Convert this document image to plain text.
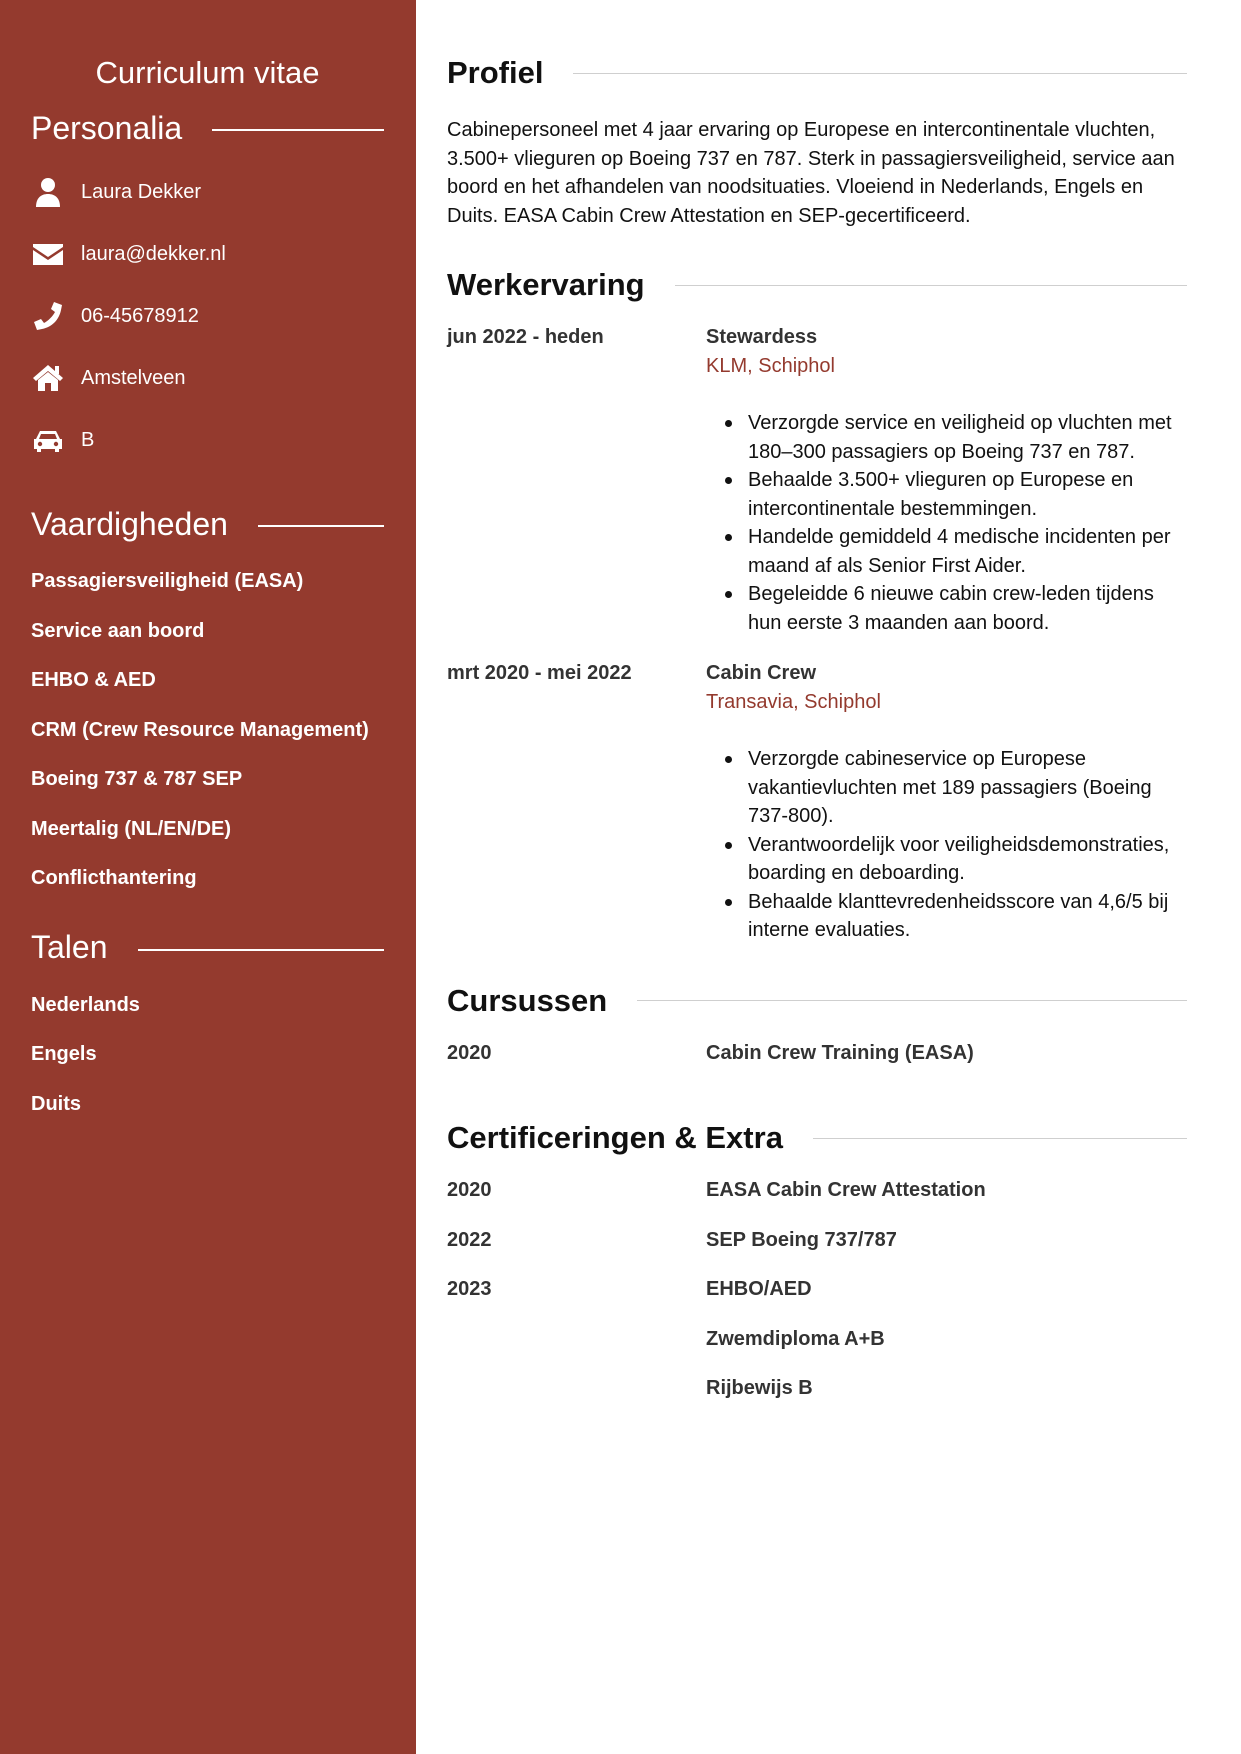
Curriculum vitae
Personalia
Laura Dekker
laura@dekker.nl
06-45678912
Amstelveen
B
Vaardigheden
Passagiersveiligheid (EASA)
Service aan boord
EHBO & AED
CRM (Crew Resource Management)
Boeing 737 & 787 SEP
Meertalig (NL/EN/DE)
Conflicthantering
Talen
Nederlands
Engels
Duits
Profiel

Cabinepersoneel met 4 jaar ervaring op Europese en intercontinentale vluchten, 3.500+ vlieguren op Boeing 737 en 787. Sterk in passagiersveiligheid, service aan boord en het afhandelen van noodsituaties. Vloeiend in Nederlands, Engels en Duits. EASA Cabin Crew Attestation en SEP-gecertificeerd.

Werkervaring
jun 2022 - heden	Stewardess
KLM, Schiphol
Verzorgde service en veiligheid op vluchten met 180–300 passagiers op Boeing 737 en 787.
Behaalde 3.500+ vlieguren op Europese en intercontinentale bestemmingen.
Handelde gemiddeld 4 medische incidenten per maand af als Senior First Aider.
Begeleidde 6 nieuwe cabin crew-leden tijdens hun eerste 3 maanden aan boord.
mrt 2020 - mei 2022	Cabin Crew
Transavia, Schiphol
Verzorgde cabineservice op Europese vakantievluchten met 189 passagiers (Boeing 737-800).
Verantwoordelijk voor veiligheidsdemonstraties, boarding en deboarding.
Behaalde klanttevredenheidsscore van 4,6/5 bij interne evaluaties.
Cursussen
2020	Cabin Crew Training (EASA)
Certificeringen & Extra
2020	EASA Cabin Crew Attestation
2022	SEP Boeing 737/787
2023	EHBO/AED
Zwemdiploma A+B
Rijbewijs B
